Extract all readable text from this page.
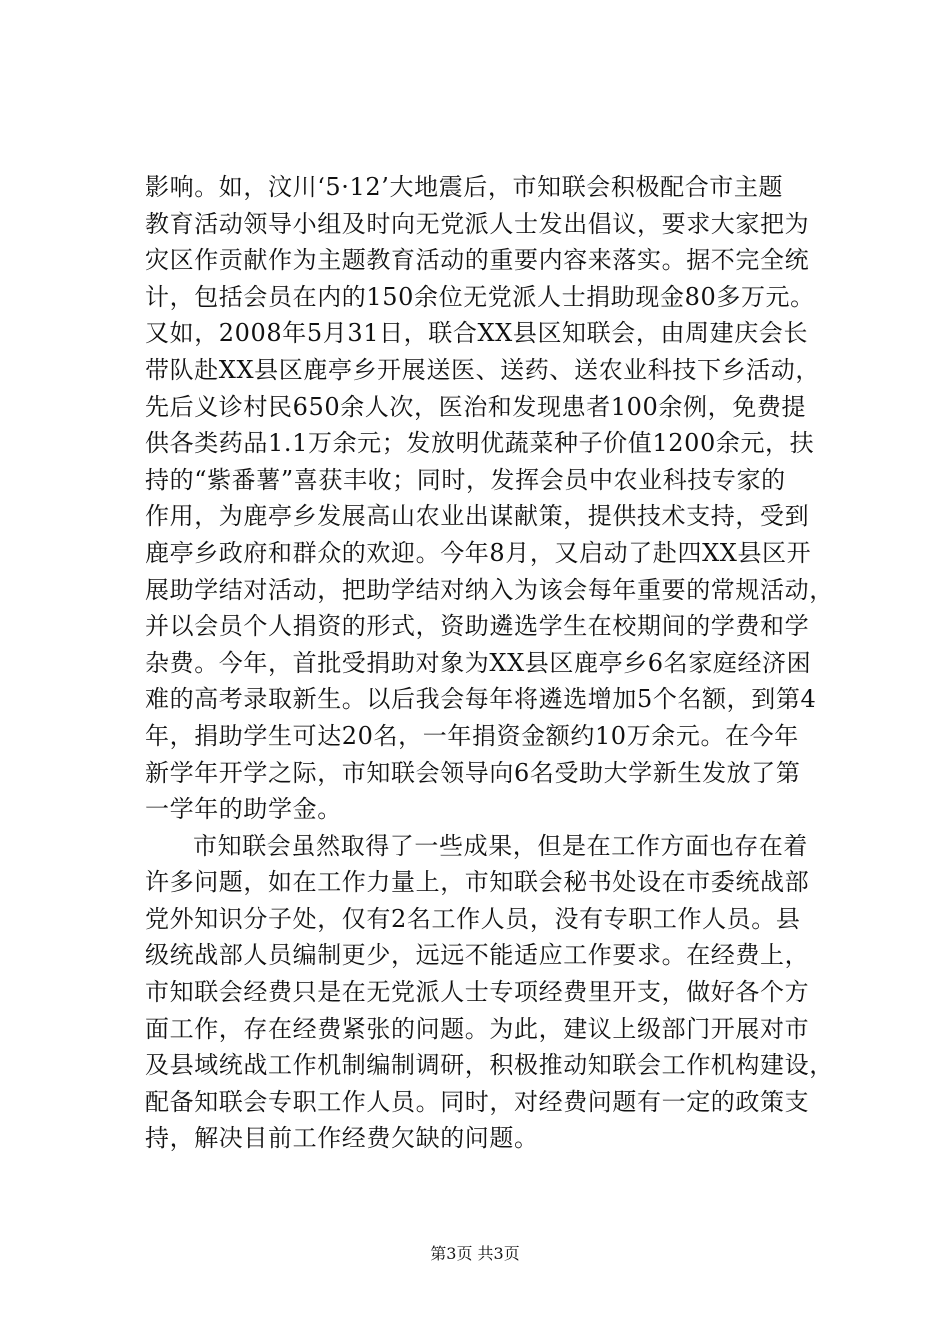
影响。如，汶川‘5·12’大地震后，市知联会积极配合市主题
教育活动领导小组及时向无党派人士发出倡议，要求大家把为
灾区作贡献作为主题教育活动的重要内容来落实。据不完全统
计，包括会员在内的150余位无党派人士捐助现金80多万元。
又如，2008年5月31日，联合XX县区知联会，由周建庆会长
带队赴XX县区鹿亭乡开展送医、送药、送农业科技下乡活动，
先后义诊村民650余人次，医治和发现患者100余例，免费提
供各类药品1.1万余元；发放明优蔬菜种子价值1200余元，扶
持的“紫番薯”喜获丰收；同时，发挥会员中农业科技专家的
作用，为鹿亭乡发展高山农业出谋献策，提供技术支持，受到
鹿亭乡政府和群众的欢迎。今年8月，又启动了赴四XX县区开
展助学结对活动，把助学结对纳入为该会每年重要的常规活动，
并以会员个人捐资的形式，资助遴选学生在校期间的学费和学
杂费。今年，首批受捐助对象为XX县区鹿亭乡6名家庭经济困
难的高考录取新生。以后我会每年将遴选增加5个名额，到第4
年，捐助学生可达20名，一年捐资金额约10万余元。在今年
新学年开学之际，市知联会领导向6名受助大学新生发放了第
一学年的助学金。
市知联会虽然取得了一些成果，但是在工作方面也存在着
许多问题，如在工作力量上，市知联会秘书处设在市委统战部
党外知识分子处，仅有2名工作人员，没有专职工作人员。县
级统战部人员编制更少，远远不能适应工作要求。在经费上，
市知联会经费只是在无党派人士专项经费里开支，做好各个方
面工作，存在经费紧张的问题。为此，建议上级部门开展对市
及县域统战工作机制编制调研，积极推动知联会工作机构建设，
配备知联会专职工作人员。同时，对经费问题有一定的政策支
持，解决目前工作经费欠缺的问题。
第3页 共3页
